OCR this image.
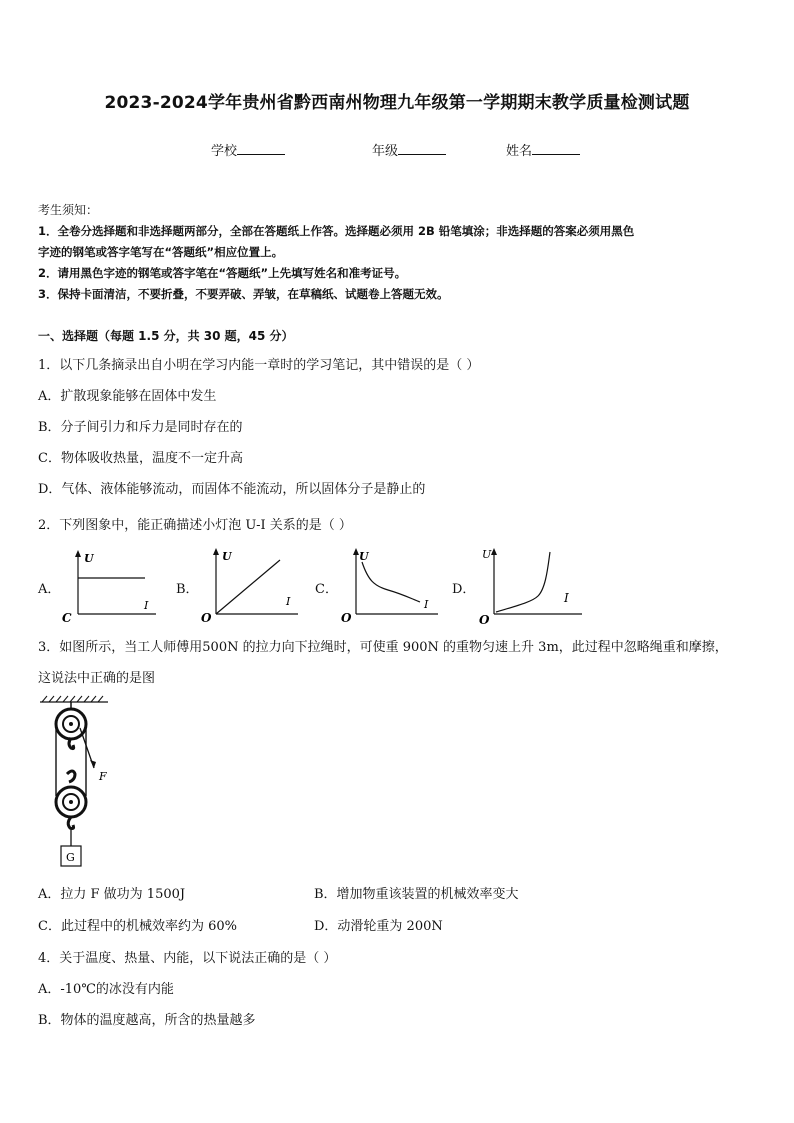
2023-2024学年贵州省黔西南州物理九年级第一学期期末教学质量检测试题
学校	年级	姓名
考生须知：
1．全卷分选择题和非选择题两部分，全部在答题纸上作答。选择题必须用 2B 铅笔填涂；非选择题的答案必须用黑色
字迹的钢笔或答字笔写在“答题纸”相应位置上。
2．请用黑色字迹的钢笔或答字笔在“答题纸”上先填写姓名和准考证号。
3．保持卡面清洁，不要折叠，不要弄破、弄皱，在草稿纸、试题卷上答题无效。
一、选择题（每题 1.5 分，共 30 题，45 分）
1．以下几条摘录出自小明在学习内能一章时的学习笔记，其中错误的是（ ）
A．扩散现象能够在固体中发生
B．分子间引力和斥力是同时存在的
C．物体吸收热量，温度不一定升高
D．气体、液体能够流动，而固体不能流动，所以固体分子是静止的
2．下列图象中，能正确描述小灯泡 U-I 关系的是（ ）
A．
U
I
C
B．
U
I
O
C．
U
I
O
D．
U
I
O
3．如图所示，当工人师傅用500N 的拉力向下拉绳时，可使重 900N 的重物匀速上升 3m，此过程中忽略绳重和摩擦，
这说法中正确的是图
F
G
A．拉力 F 做功为 1500J	B．增加物重该装置的机械效率变大
C．此过程中的机械效率约为 60%	D．动滑轮重为 200N
4．关于温度、热量、内能，以下说法正确的是（ ）
A．-10℃的冰没有内能
B．物体的温度越高，所含的热量越多
